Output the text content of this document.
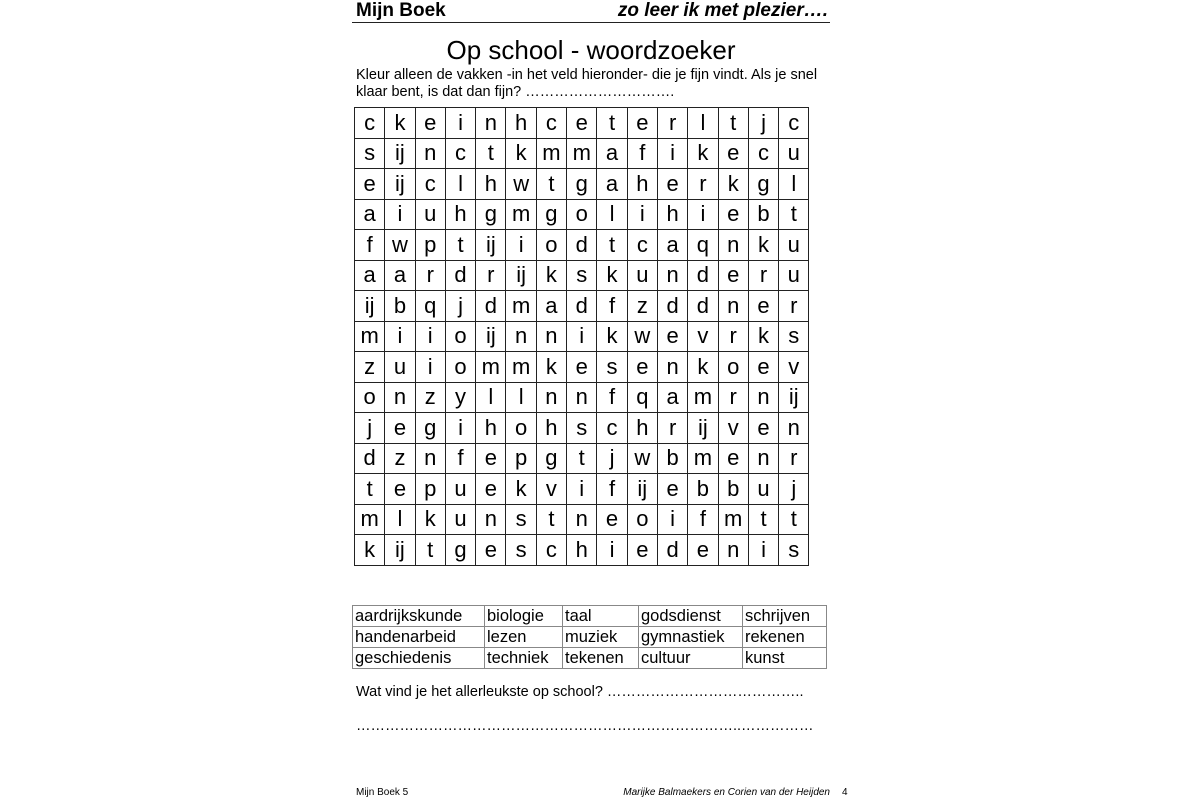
Mijn Boek	zo leer ik met plezier….
Op school - woordzoeker
Kleur alleen de vakken -in het veld hieronder- die je fijn vindt. Als je snel klaar bent, is dat dan fijn? ………………………….
c	k	e	i	n	h	c	e	t	e	r	l	t	j	c
s	ij	n	c	t	k	m	m	a	f	i	k	e	c	u
e	ij	c	l	h	w	t	g	a	h	e	r	k	g	l
a	i	u	h	g	m	g	o	l	i	h	i	e	b	t
f	w	p	t	ij	i	o	d	t	c	a	q	n	k	u
a	a	r	d	r	ij	k	s	k	u	n	d	e	r	u
ij	b	q	j	d	m	a	d	f	z	d	d	n	e	r
m	i	i	o	ij	n	n	i	k	w	e	v	r	k	s
z	u	i	o	m	m	k	e	s	e	n	k	o	e	v
o	n	z	y	l	l	n	n	f	q	a	m	r	n	ij
j	e	g	i	h	o	h	s	c	h	r	ij	v	e	n
d	z	n	f	e	p	g	t	j	w	b	m	e	n	r
t	e	p	u	e	k	v	i	f	ij	e	b	b	u	j
m	l	k	u	n	s	t	n	e	o	i	f	m	t	t
k	ij	t	g	e	s	c	h	i	e	d	e	n	i	s
aardrijkskunde	biologie	taal	godsdienst	schrijven
handenarbeid	lezen	muziek	gymnastiek	rekenen
geschiedenis	techniek	tekenen	cultuur	kunst
Wat vind je het allerleukste op school? …………………………………..
……………………………………………………………………..……………
Mijn Boek 5	Marijke Balmaekers en Corien van der Heijden 4
